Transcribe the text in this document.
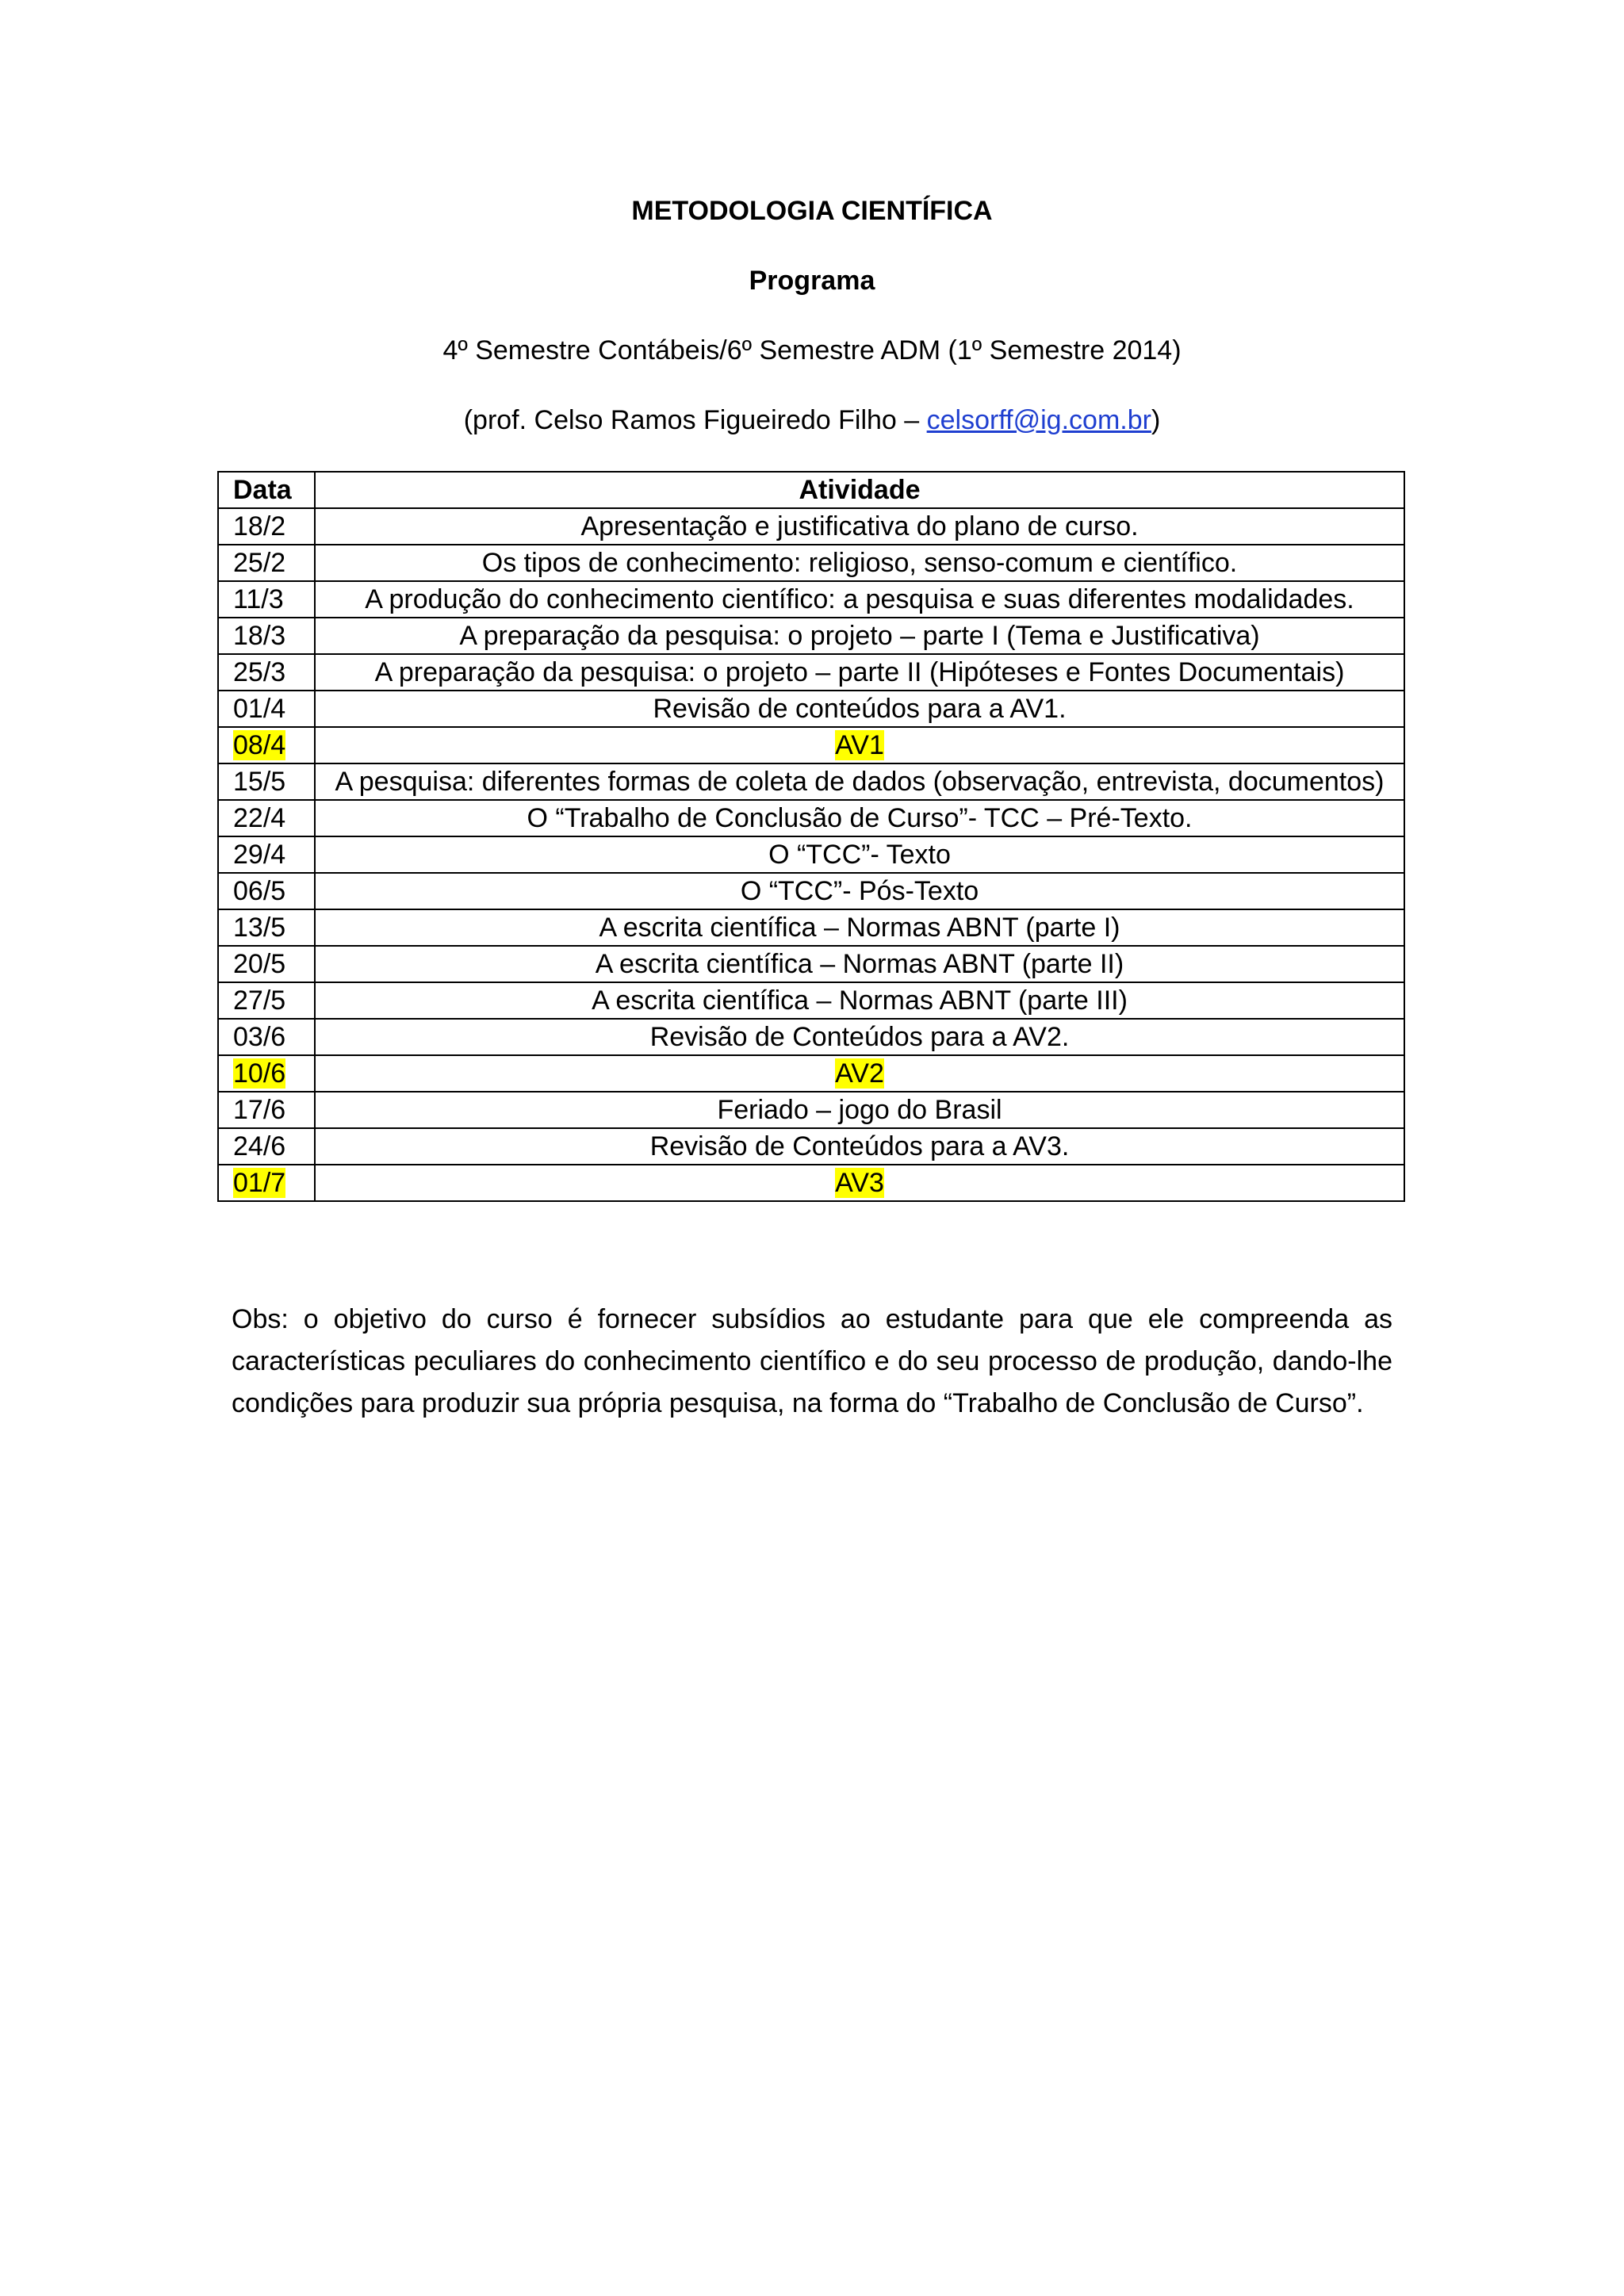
METODOLOGIA CIENTÍFICA
Programa
4º Semestre Contábeis/6º Semestre ADM (1º Semestre 2014)
(prof. Celso Ramos Figueiredo Filho – celsorff@ig.com.br)
Data	Atividade
18/2	Apresentação e justificativa do plano de curso.
25/2	Os tipos de conhecimento: religioso, senso-comum e científico.
11/3	A produção do conhecimento científico: a pesquisa e suas diferentes modalidades.
18/3	A preparação da pesquisa: o projeto – parte I (Tema e Justificativa)
25/3	A preparação da pesquisa: o projeto – parte II (Hipóteses e Fontes Documentais)
01/4	Revisão de conteúdos para a AV1.
08/4	AV1
15/5	A pesquisa: diferentes formas de coleta de dados (observação, entrevista, documentos)
22/4	O “Trabalho de Conclusão de Curso”- TCC – Pré-Texto.
29/4	O “TCC”- Texto
06/5	O “TCC”- Pós-Texto
13/5	A escrita científica – Normas ABNT (parte I)
20/5	A escrita científica – Normas ABNT (parte II)
27/5	A escrita científica – Normas ABNT (parte III)
03/6	Revisão de Conteúdos para a AV2.
10/6	AV2
17/6	Feriado – jogo do Brasil
24/6	Revisão de Conteúdos para a AV3.
01/7	AV3
Obs: o objetivo do curso é fornecer subsídios ao estudante para que ele compreenda as características peculiares do conhecimento científico e do seu processo de produção, dando-lhe condições para produzir sua própria pesquisa, na forma do “Trabalho de Conclusão de Curso”.
